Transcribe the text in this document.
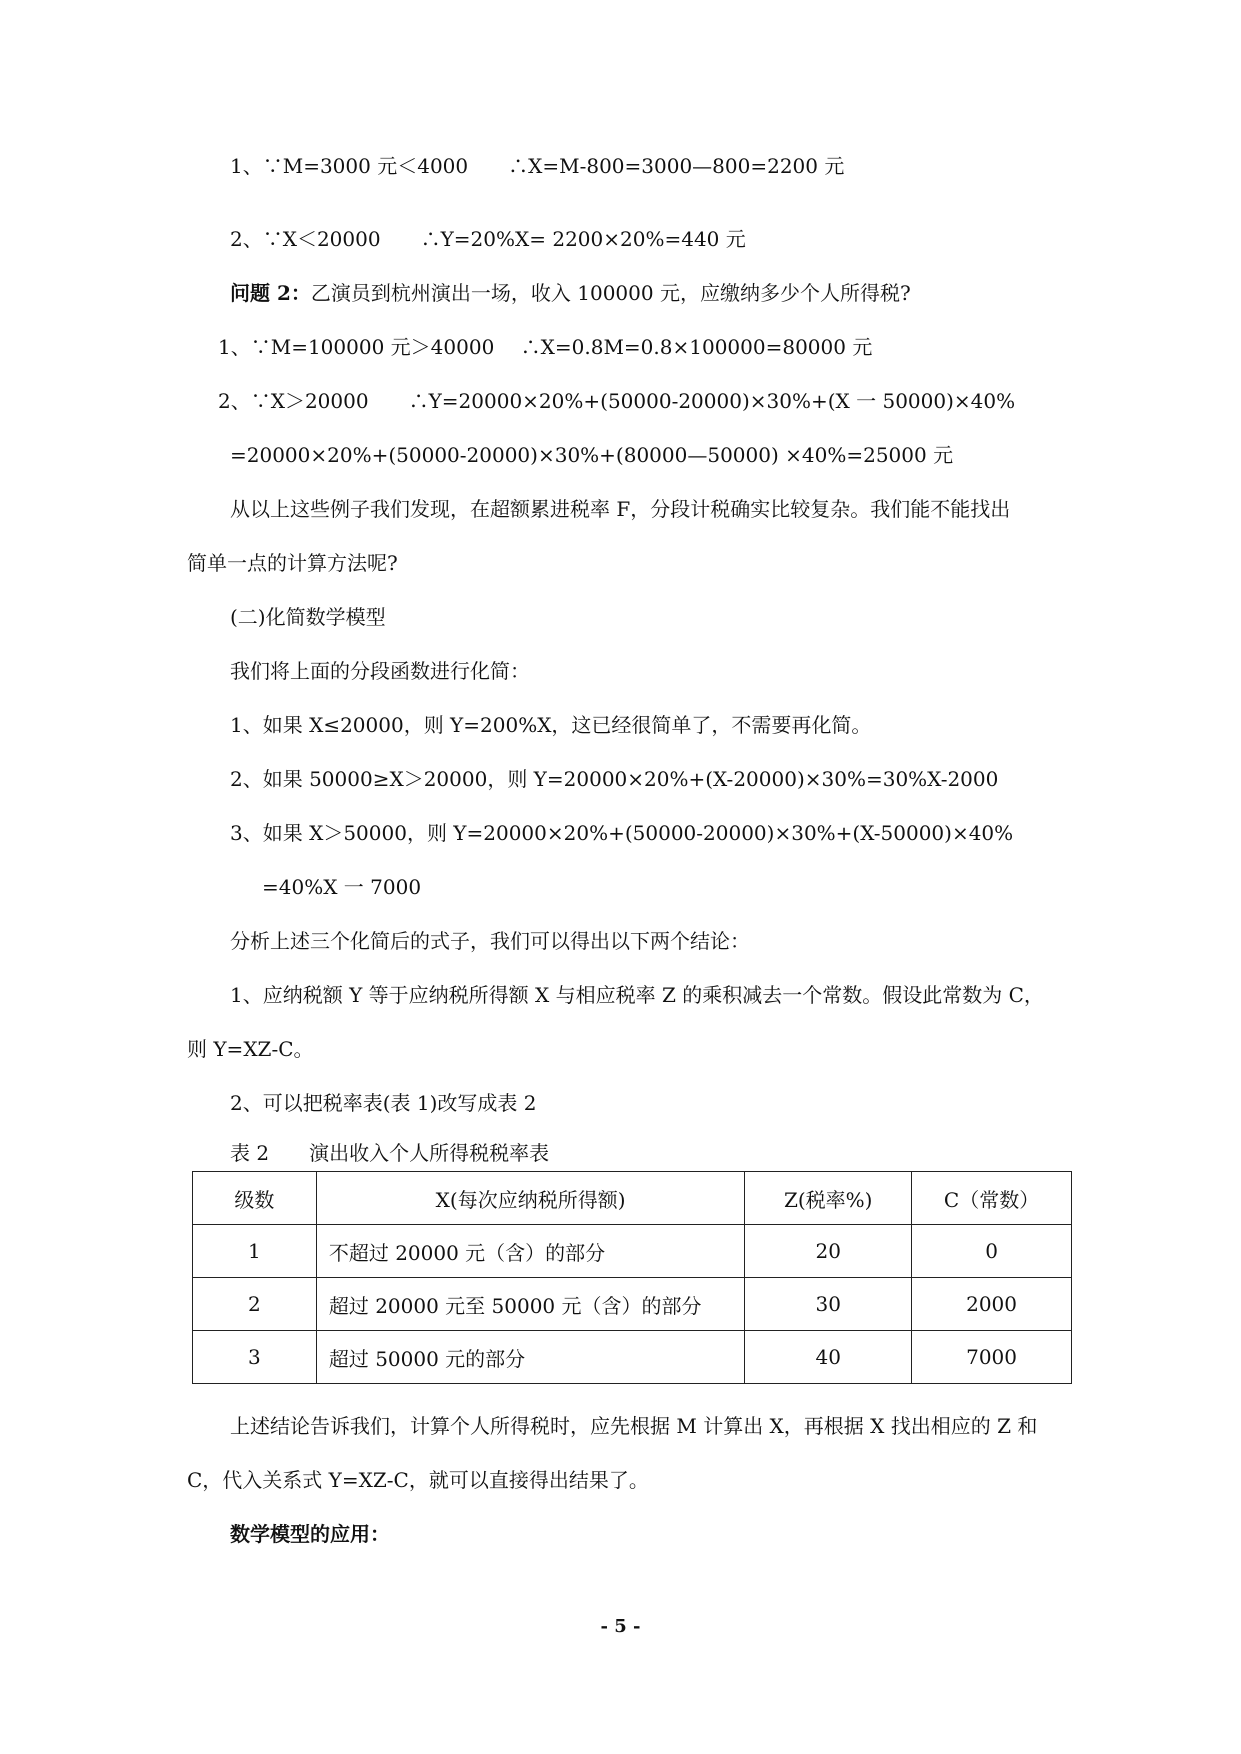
1、∵M=3000 元＜4000　　∴X=M-800=3000—800=2200 元
2、∵X＜20000　　∴Y=20%X= 2200×20%=440 元
问题 2：乙演员到杭州演出一场，收入 100000 元，应缴纳多少个人所得税?
1、∵M=100000 元＞40000　 ∴X=0.8M=0.8×100000=80000 元
2、∵X＞20000　　∴Y=20000×20%+(50000-20000)×30%+(X 一 50000)×40%
=20000×20%+(50000-20000)×30%+(80000—50000) ×40%=25000 元
从以上这些例子我们发现，在超额累进税率 F，分段计税确实比较复杂。我们能不能找出
简单一点的计算方法呢?
(二)化简数学模型
我们将上面的分段函数进行化简：
1、如果 X≤20000，则 Y=200%X，这已经很简单了，不需要再化简。
2、如果 50000≥X＞20000，则 Y=20000×20%+(X-20000)×30%=30%X-2000
3、如果 X＞50000，则 Y=20000×20%+(50000-20000)×30%+(X-50000)×40%
=40%X 一 7000
分析上述三个化简后的式子，我们可以得出以下两个结论：
1、应纳税额 Y 等于应纳税所得额 X 与相应税率 Z 的乘积减去一个常数。假设此常数为 C，
则 Y=XZ-C。
2、可以把税率表(表 1)改写成表 2
表 2　　演出收入个人所得税税率表
级数	X(每次应纳税所得额)	Z(税率%)	C（常数）
1	不超过 20000 元（含）的部分	20	0
2	超过 20000 元至 50000 元（含）的部分	30	2000
3	超过 50000 元的部分	40	7000
上述结论告诉我们，计算个人所得税时，应先根据 M 计算出 X，再根据 X 找出相应的 Z 和
C，代入关系式 Y=XZ-C，就可以直接得出结果了。
数学模型的应用：
- 5 -
